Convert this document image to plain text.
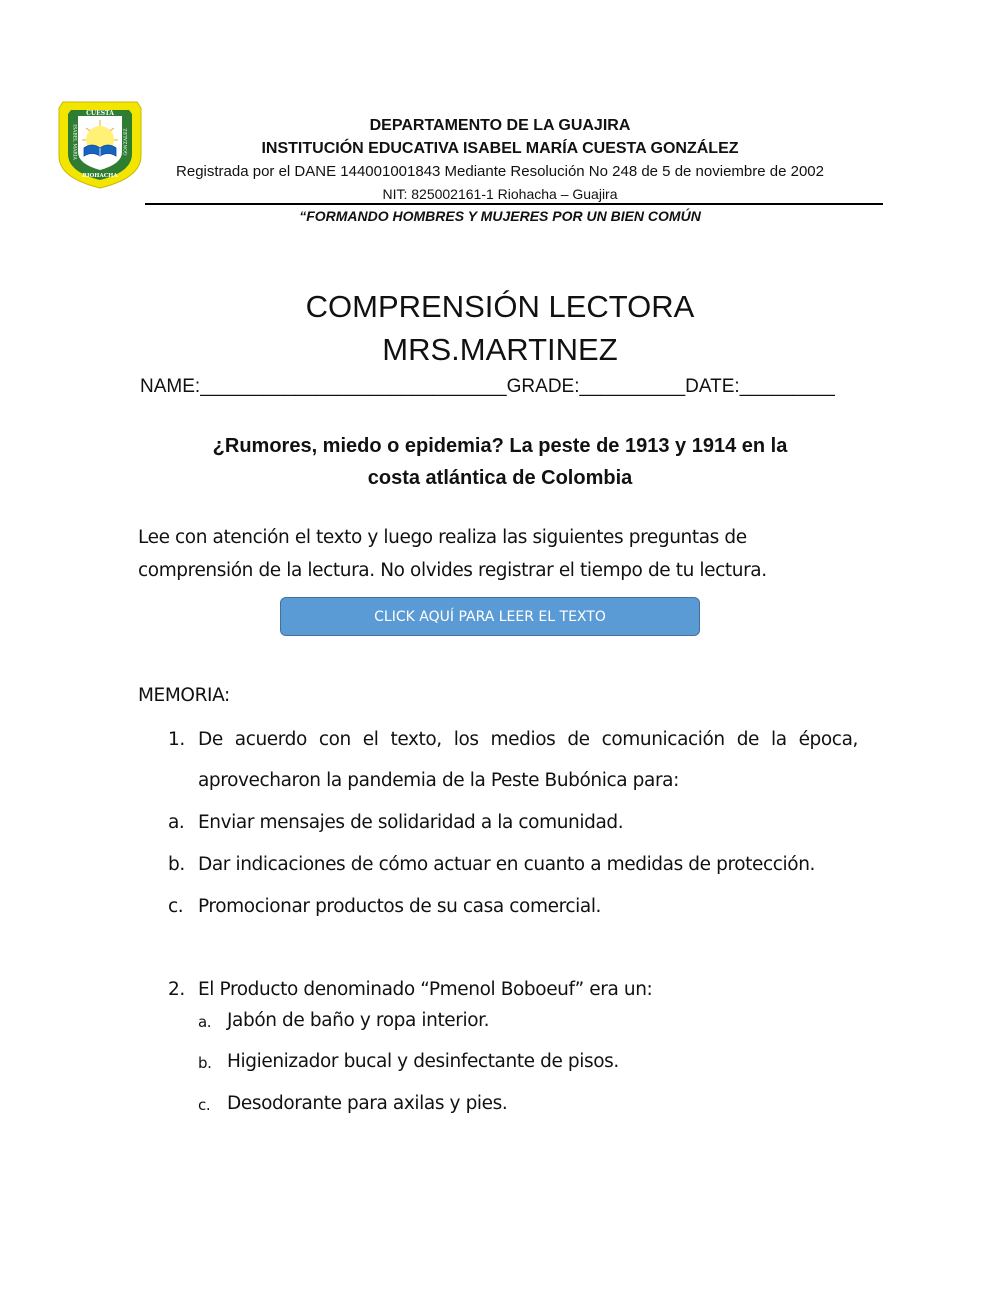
CUESTA
RIOHACHA
ISABEL MARIA	GONZALEZ
DEPARTAMENTO DE LA GUAJIRA
INSTITUCIÓN EDUCATIVA ISABEL MARÍA CUESTA GONZÁLEZ
Registrada por el DANE 144001001843 Mediante Resolución No 248 de 5 de noviembre de 2002
NIT: 825002161-1 Riohacha – Guajira
“FORMANDO HOMBRES Y MUJERES POR UN BIEN COMÚN
COMPRENSIÓN LECTORA
MRS.MARTINEZ
NAME:_____________________________GRADE:__________DATE:_________
¿Rumores, miedo o epidemia? La peste de 1913 y 1914 en la
costa atlántica de Colombia
Lee con atención el texto y luego realiza las siguientes preguntas de
comprensión de la lectura. No olvides registrar el tiempo de tu lectura.
CLICK AQUÍ PARA LEER EL TEXTO
MEMORIA:
1. De acuerdo con el texto, los medios de comunicación de la época,
aprovecharon la pandemia de la Peste Bubónica para:
a. Enviar mensajes de solidaridad a la comunidad.
b. Dar indicaciones de cómo actuar en cuanto a medidas de protección.
c. Promocionar productos de su casa comercial.
2. El Producto denominado “Pmenol Boboeuf” era un:
a. Jabón de baño y ropa interior.
b. Higienizador bucal y desinfectante de pisos.
c. Desodorante para axilas y pies.
